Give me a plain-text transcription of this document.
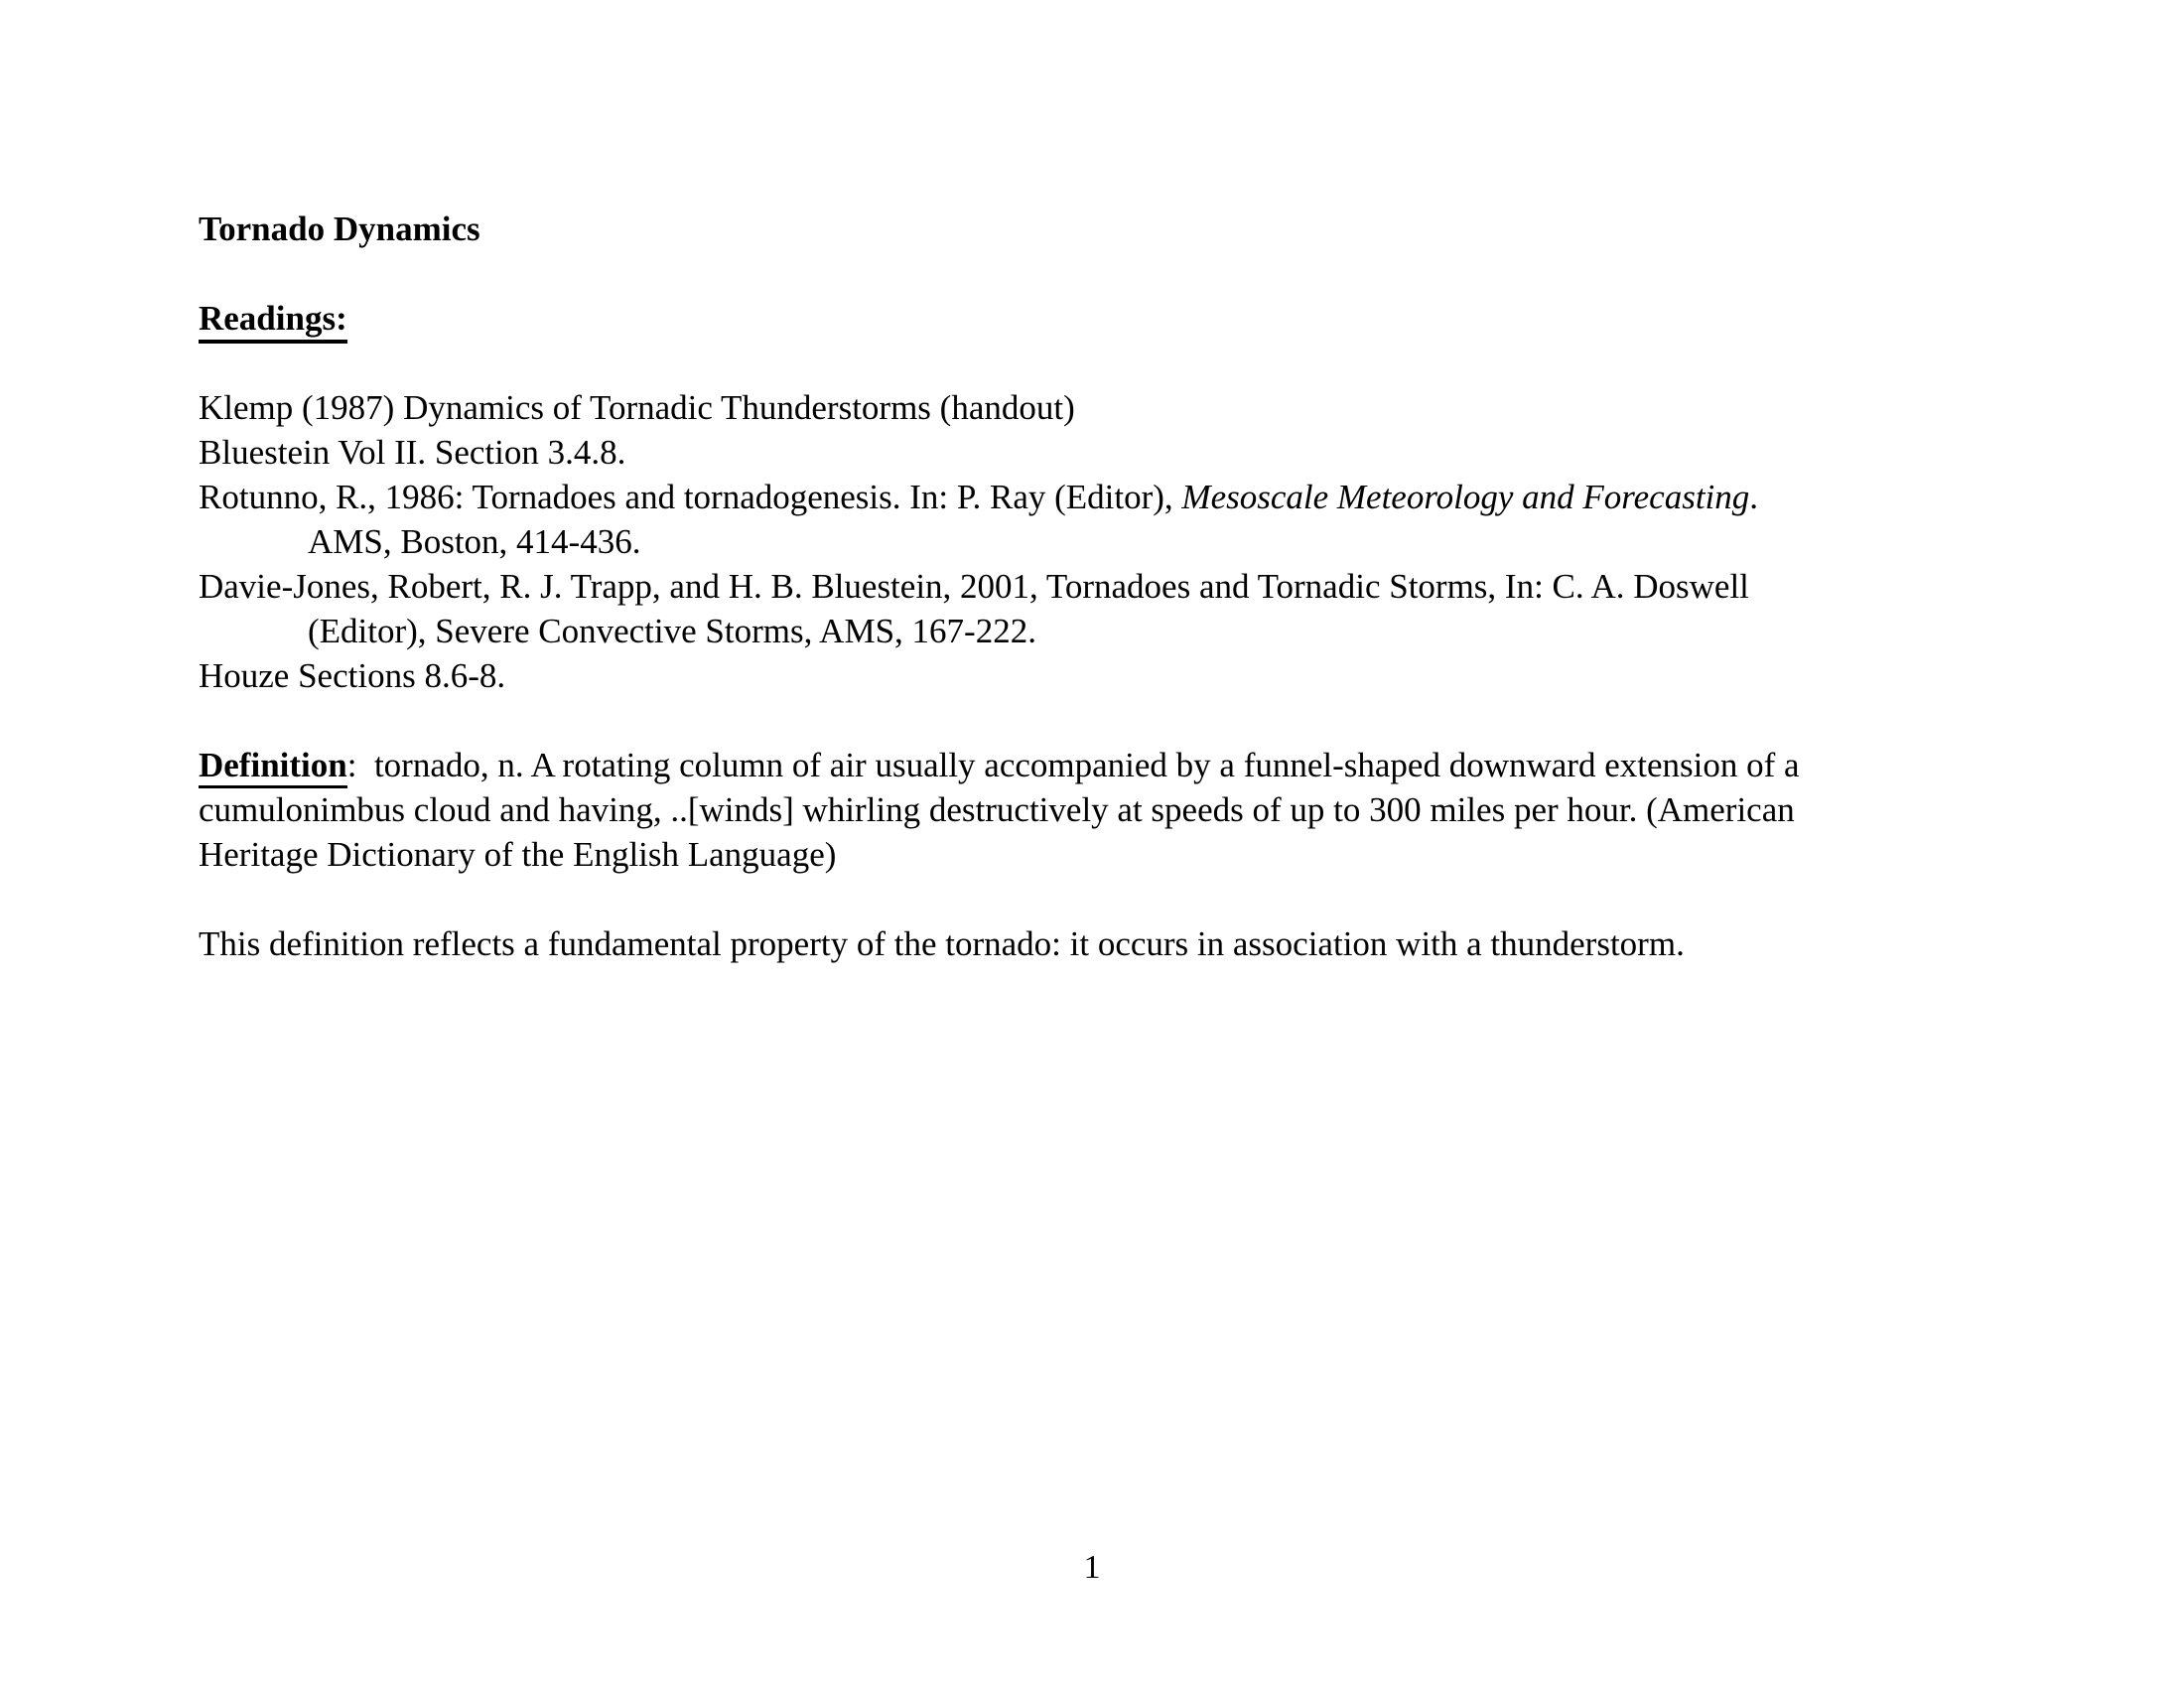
Tornado Dynamics
Readings:
Klemp (1987) Dynamics of Tornadic Thunderstorms (handout)
Bluestein Vol II. Section 3.4.8.
Rotunno, R., 1986: Tornadoes and tornadogenesis. In: P. Ray (Editor), Mesoscale Meteorology and Forecasting.
AMS, Boston, 414-436.
Davie-Jones, Robert, R. J. Trapp, and H. B. Bluestein, 2001, Tornadoes and Tornadic Storms, In: C. A. Doswell
(Editor), Severe Convective Storms, AMS, 167-222.
Houze Sections 8.6-8.
Definition:  tornado, n. A rotating column of air usually accompanied by a funnel-shaped downward extension of a
cumulonimbus cloud and having, ..[winds] whirling destructively at speeds of up to 300 miles per hour. (American
Heritage Dictionary of the English Language)
This definition reflects a fundamental property of the tornado: it occurs in association with a thunderstorm.
1
